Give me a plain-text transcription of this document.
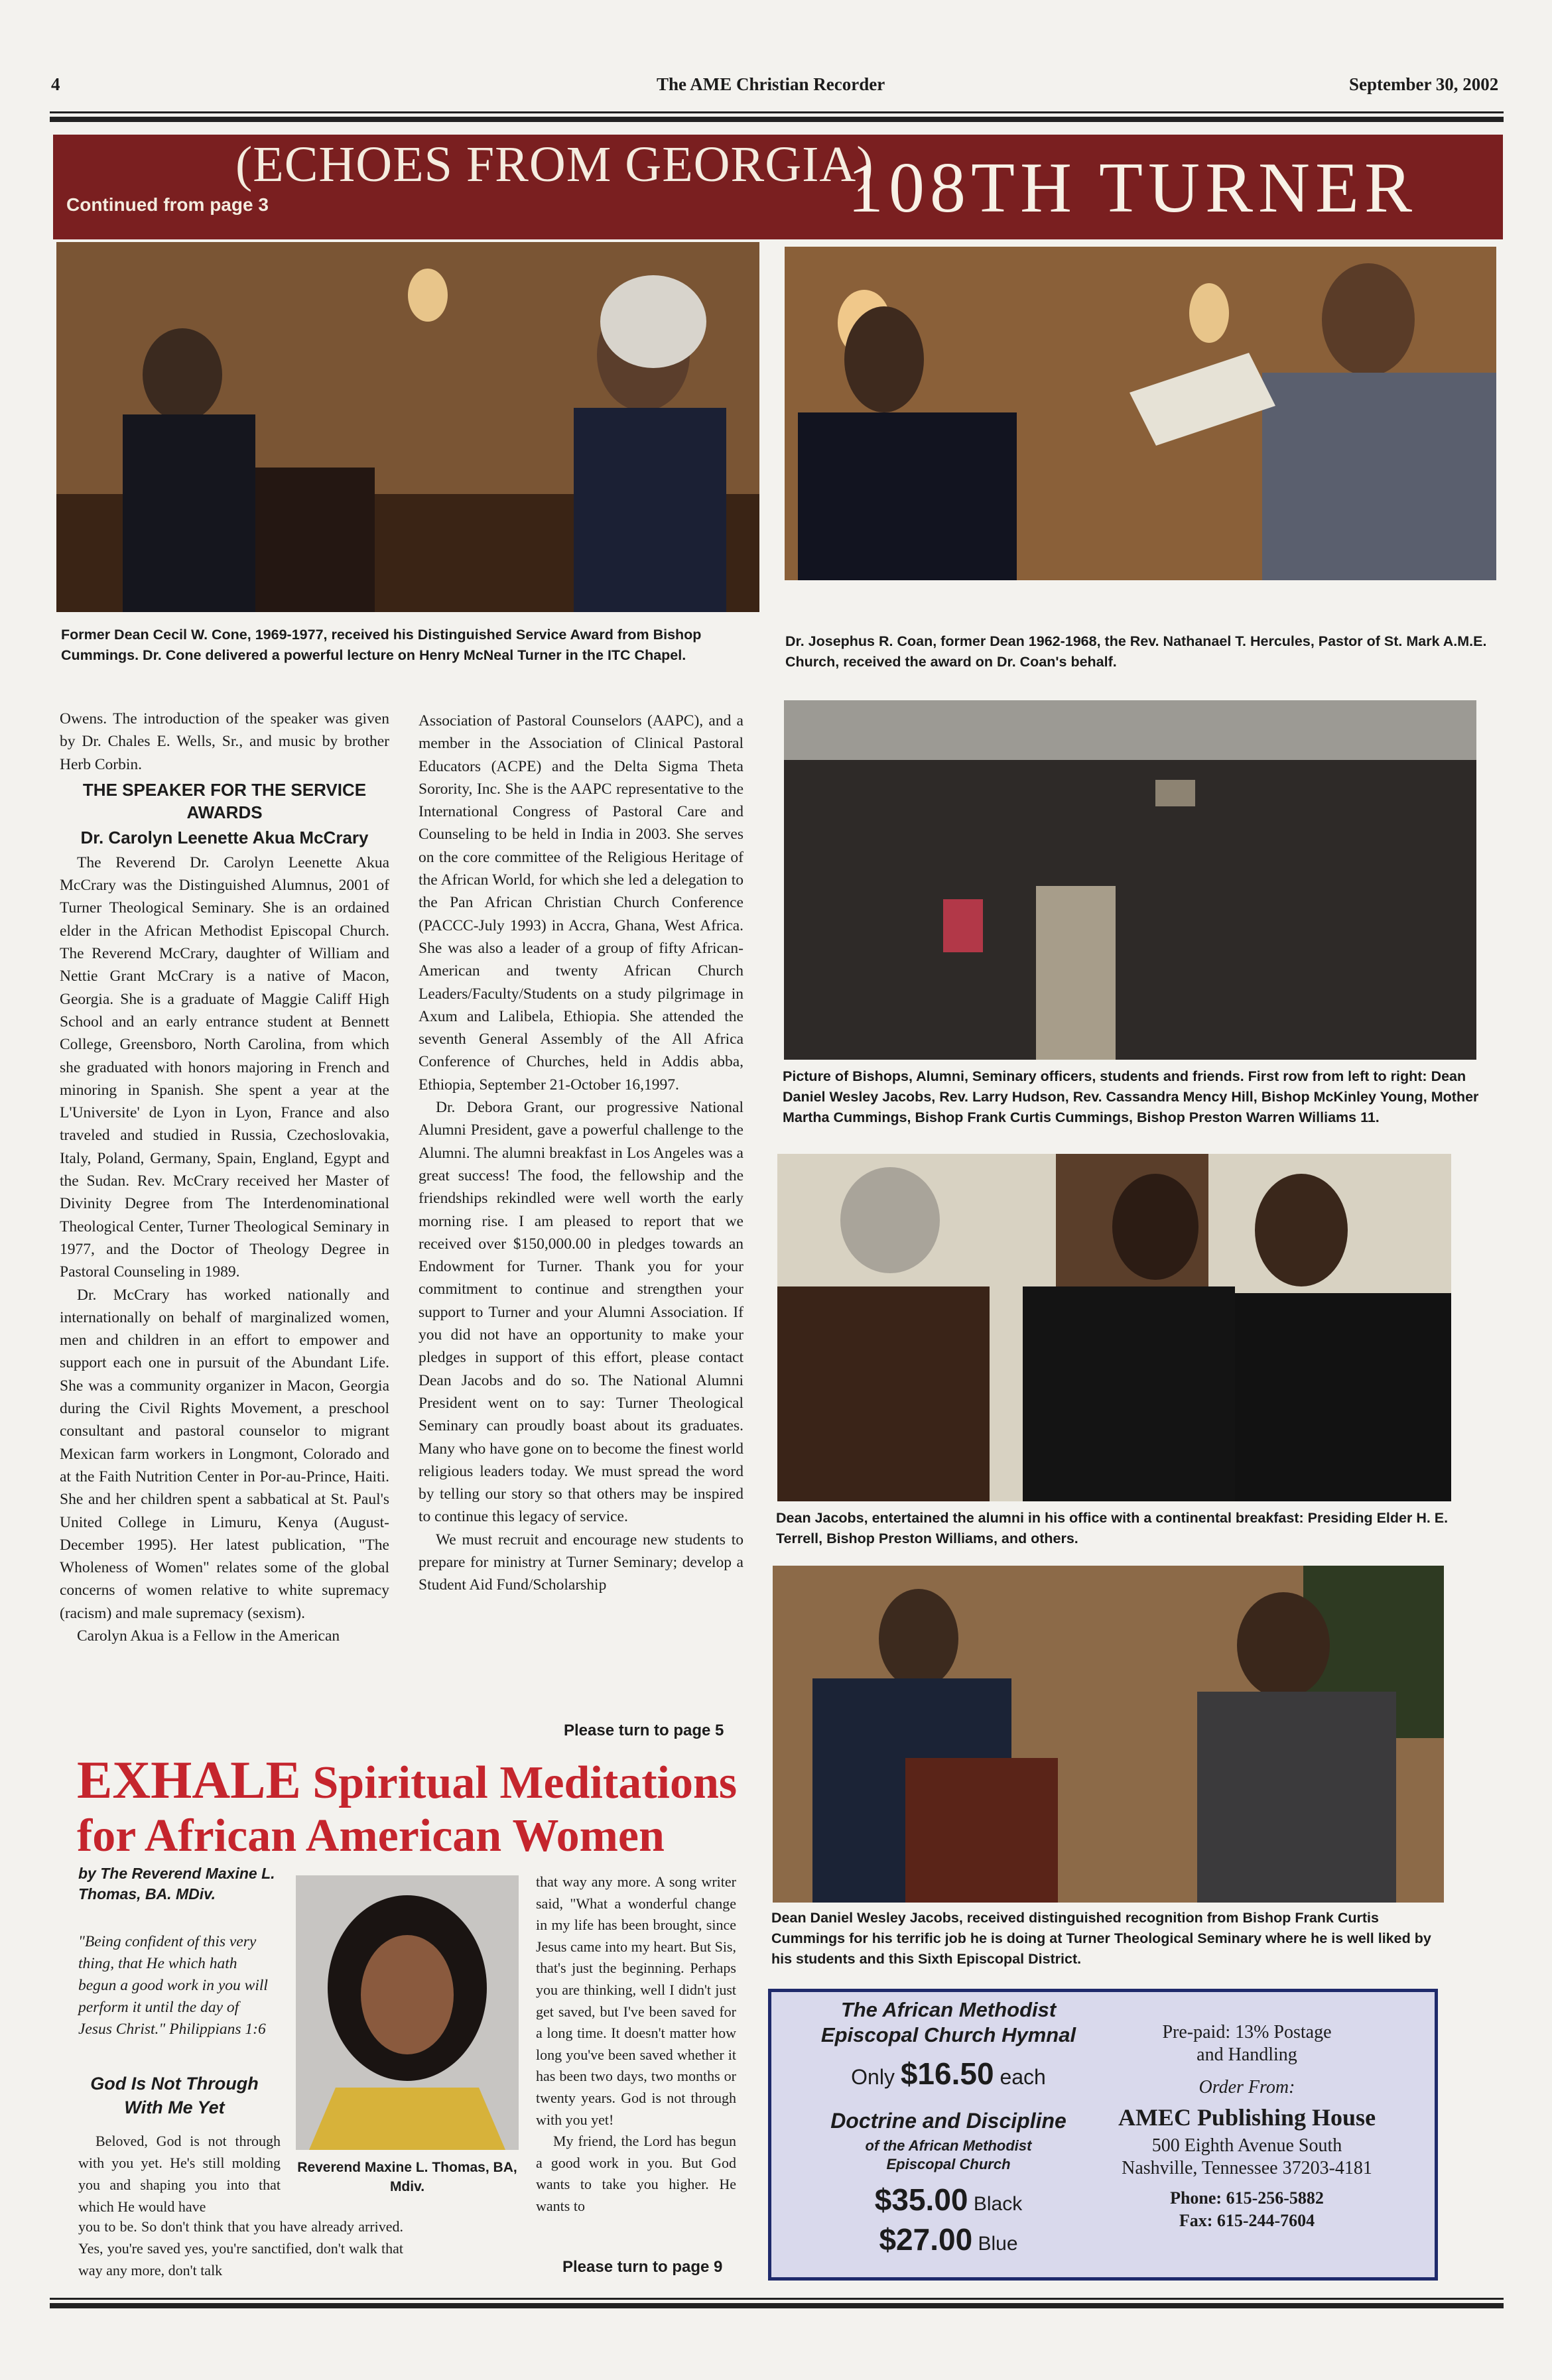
4	The AME Christian Recorder	September 30, 2002
(ECHOES FROM GEORGIA)
108TH TURNER
Continued from page 3
Former Dean Cecil W. Cone, 1969-1977, received his Distinguished Service Award from Bishop Cummings. Dr. Cone delivered a powerful lecture on Henry McNeal Turner in the ITC Chapel.
Dr. Josephus R. Coan, former Dean 1962-1968, the Rev. Nathanael T. Hercules, Pastor of St. Mark A.M.E. Church, received the award on Dr. Coan's behalf.

Owens. The introduction of the speaker was given by Dr. Chales E. Wells, Sr., and music by brother Herb Corbin.

THE SPEAKER FOR THE SERVICE AWARDS
Dr. Carolyn Leenette Akua McCrary

The Reverend Dr. Carolyn Leenette Akua McCrary was the Distinguished Alumnus, 2001 of Turner Theological Seminary. She is an ordained elder in the African Methodist Episcopal Church. The Reverend McCrary, daughter of William and Nettie Grant McCrary is a native of Macon, Georgia. She is a graduate of Maggie Califf High School and an early entrance student at Bennett College, Greensboro, North Carolina, from which she graduated with honors majoring in French and minoring in Spanish. She spent a year at the L'Universite' de Lyon in Lyon, France and also traveled and studied in Russia, Czechoslovakia, Italy, Poland, Germany, Spain, England, Egypt and the Sudan. Rev. McCrary received her Master of Divinity Degree from The Interdenominational Theological Center, Turner Theological Seminary in 1977, and the Doctor of Theology Degree in Pastoral Counseling in 1989.

Dr. McCrary has worked nationally and internationally on behalf of marginalized women, men and children in an effort to empower and support each one in pursuit of the Abundant Life. She was a community organizer in Macon, Georgia during the Civil Rights Movement, a preschool consultant and pastoral counselor to migrant Mexican farm workers in Longmont, Colorado and at the Faith Nutrition Center in Por-au-Prince, Haiti. She and her children spent a sabbatical at St. Paul's United College in Limuru, Kenya (August-December 1995). Her latest publication, "The Wholeness of Women" relates some of the global concerns of women relative to white supremacy (racism) and male supremacy (sexism).

Carolyn Akua is a Fellow in the American

Association of Pastoral Counselors (AAPC), and a member in the Association of Clinical Pastoral Educators (ACPE) and the Delta Sigma Theta Sorority, Inc. She is the AAPC representative to the International Congress of Pastoral Care and Counseling to be held in India in 2003. She serves on the core committee of the Religious Heritage of the African World, for which she led a delegation to the Pan African Christian Church Conference (PACCC-July 1993) in Accra, Ghana, West Africa. She was also a leader of a group of fifty African-American and twenty African Church Leaders/Faculty/Students on a study pilgrimage in Axum and Lalibela, Ethiopia. She attended the seventh General Assembly of the All Africa Conference of Churches, held in Addis abba, Ethiopia, September 21-October 16,1997.

Dr. Debora Grant, our progressive National Alumni President, gave a powerful challenge to the Alumni. The alumni breakfast in Los Angeles was a great success! The food, the fellowship and the friendships rekindled were well worth the early morning rise. I am pleased to report that we received over $150,000.00 in pledges towards an Endowment for Turner. Thank you for your commitment to continue and strengthen your support to Turner and your Alumni Association. If you did not have an opportunity to make your pledges in support of this effort, please contact Dean Jacobs and do so. The National Alumni President went on to say: Turner Theological Seminary can proudly boast about its graduates. Many who have gone on to become the finest world religious leaders today. We must spread the word by telling our story so that others may be inspired to continue this legacy of service.

We must recruit and encourage new students to prepare for ministry at Turner Seminary; develop a Student Aid Fund/Scholarship

Please turn to page 5
Picture of Bishops, Alumni, Seminary officers, students and friends. First row from left to right: Dean Daniel Wesley Jacobs, Rev. Larry Hudson, Rev. Cassandra Mency Hill, Bishop McKinley Young, Mother Martha Cummings, Bishop Frank Curtis Cummings, Bishop Preston Warren Williams 11.
Dean Jacobs, entertained the alumni in his office with a continental breakfast: Presiding Elder H. E. Terrell, Bishop Preston Williams, and others.
Dean Daniel Wesley Jacobs, received distinguished recognition from Bishop Frank Curtis Cummings for his terrific job he is doing at Turner Theological Seminary where he is well liked by his students and this Sixth Episcopal District.
EXHALE Spiritual Meditations
for African American Women
by The Reverend Maxine L. Thomas, BA. MDiv.
"Being confident of this very thing, that He which hath begun a good work in you will perform it until the day of Jesus Christ." Philippians 1:6
God Is Not Through With Me Yet

Beloved, God is not through with you yet. He's still molding you and shaping you into that which He would have

Reverend Maxine L. Thomas, BA, Mdiv.

you to be. So don't think that you have already arrived. Yes, you're saved yes, you're sanctified, don't walk that way any more, don't talk

that way any more. A song writer said, "What a wonderful change in my life has been brought, since Jesus came into my heart. But Sis, that's just the beginning. Perhaps you are thinking, well I didn't just get saved, but I've been saved for a long time. It doesn't matter how long you've been saved whether it has been two days, two months or twenty years. God is not through with you yet!

My friend, the Lord has begun a good work in you. But God wants to take you higher. He wants to

Please turn to page 9
The African Methodist Episcopal Church Hymnal
Only $16.50 each
Doctrine and Discipline
of the African Methodist Episcopal Church
$35.00 Black
$27.00 Blue
Pre-paid: 13% Postage and Handling
Order From:
AMEC Publishing House
500 Eighth Avenue South
Nashville, Tennessee 37203-4181
Phone: 615-256-5882
Fax: 615-244-7604
